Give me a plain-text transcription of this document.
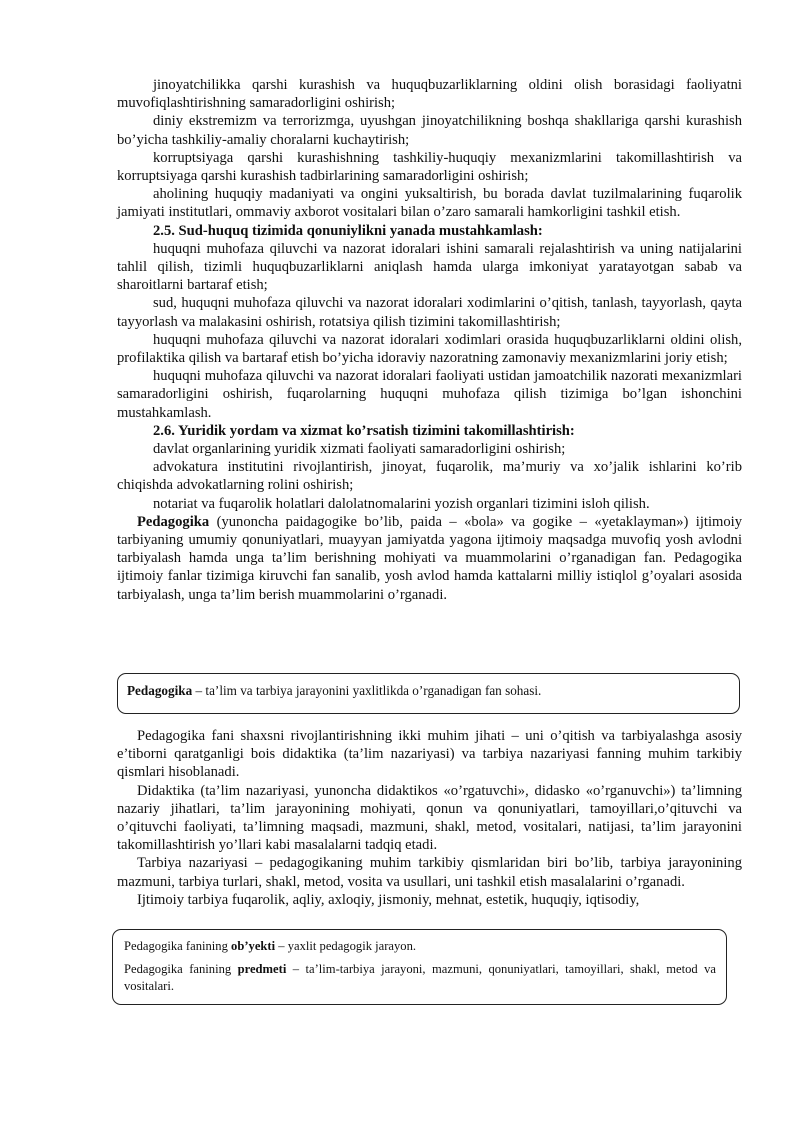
jinoyatchilikka qarshi kurashish va huquqbuzarliklarning oldini olish borasidagi faoliyatni muvofiqlashtirishning samaradorligini oshirish;

diniy ekstremizm va terrorizmga, uyushgan jinoyatchilikning boshqa shakllariga qarshi kurashish bo’yicha tashkiliy-amaliy choralarni kuchaytirish;

korruptsiyaga qarshi kurashishning tashkiliy-huquqiy mexanizmlarini takomillashtirish va korruptsiyaga qarshi kurashish tadbirlarining samaradorligini oshirish;

aholining huquqiy madaniyati va ongini yuksaltirish, bu borada davlat tuzilmalarining fuqarolik jamiyati institutlari, ommaviy axborot vositalari bilan o’zaro samarali hamkorligini tashkil etish.

2.5. Sud-huquq tizimida qonuniylikni yanada mustahkamlash:

huquqni muhofaza qiluvchi va nazorat idoralari ishini samarali rejalashtirish va uning natijalarini tahlil qilish, tizimli huquqbuzarliklarni aniqlash hamda ularga imkoniyat yaratayotgan sabab va sharoitlarni bartaraf etish;

sud, huquqni muhofaza qiluvchi va nazorat idoralari xodimlarini o’qitish, tanlash, tayyorlash, qayta tayyorlash va malakasini oshirish, rotatsiya qilish tizimini takomillashtirish;

huquqni muhofaza qiluvchi va nazorat idoralari xodimlari orasida huquqbuzarliklarni oldini olish, profilaktika qilish va bartaraf etish bo’yicha idoraviy nazoratning zamonaviy mexanizmlarini joriy etish;

huquqni muhofaza qiluvchi va nazorat idoralari faoliyati ustidan jamoatchilik nazorati mexanizmlari samaradorligini oshirish, fuqarolarning huquqni muhofaza qilish tizimiga bo’lgan ishonchini mustahkamlash.

2.6. Yuridik yordam va xizmat ko’rsatish tizimini takomillashtirish:

davlat organlarining yuridik xizmati faoliyati samaradorligini oshirish;

advokatura institutini rivojlantirish, jinoyat, fuqarolik, ma’muriy va xo’jalik ishlarini ko’rib chiqishda advokatlarning rolini oshirish;

notariat va fuqarolik holatlari dalolatnomalarini yozish organlari tizimini isloh qilish.

Pedagogika (yunoncha paidagogike bo’lib, paida – «bola» va gogike – «yetaklayman») ijtimoiy tarbiyaning umumiy qonuniyatlari, muayyan jamiyatda yagona ijtimoiy maqsadga muvofiq yosh avlodni tarbiyalash hamda unga ta’lim berishning mohiyati va muammolarini o’rganadigan fan. Pedagogika ijtimoiy fanlar tizimiga kiruvchi fan sanalib, yosh avlod hamda kattalarni milliy istiqlol g’oyalari asosida tarbiyalash, unga ta’lim berish muammolarini o’rganadi.

Pedagogika – ta’lim va tarbiya jarayonini yaxlitlikda o’rganadigan fan sohasi.

Pedagogika fani shaxsni rivojlantirishning ikki muhim jihati – uni o’qitish va tarbiyalashga asosiy e’tiborni qaratganligi bois didaktika (ta’lim nazariyasi) va tarbiya nazariyasi fanning muhim tarkibiy qismlari hisoblanadi.

Didaktika (ta’lim nazariyasi, yunoncha didaktikos «o’rgatuvchi», didasko «o’rganuvchi») ta’limning nazariy jihatlari, ta’lim jarayonining mohiyati, qonun va qonuniyatlari, tamoyillari,o’qituvchi va o’qituvchi faoliyati, ta’limning maqsadi, mazmuni, shakl, metod, vositalari, natijasi, ta’lim jarayonini takomillashtirish yo’llari kabi masalalarni tadqiq etadi.

Tarbiya nazariyasi – pedagogikaning muhim tarkibiy qismlaridan biri bo’lib, tarbiya jarayonining mazmuni, tarbiya turlari, shakl, metod, vosita va usullari, uni tashkil etish masalalarini o’rganadi.

Ijtimoiy tarbiya fuqarolik, aqliy, axloqiy, jismoniy, mehnat, estetik, huquqiy, iqtisodiy,

Pedagogika fanining ob’yekti – yaxlit pedagogik jarayon.

Pedagogika fanining predmeti – ta’lim-tarbiya jarayoni, mazmuni, qonuniyatlari, tamoyillari, shakl, metod va vositalari.
